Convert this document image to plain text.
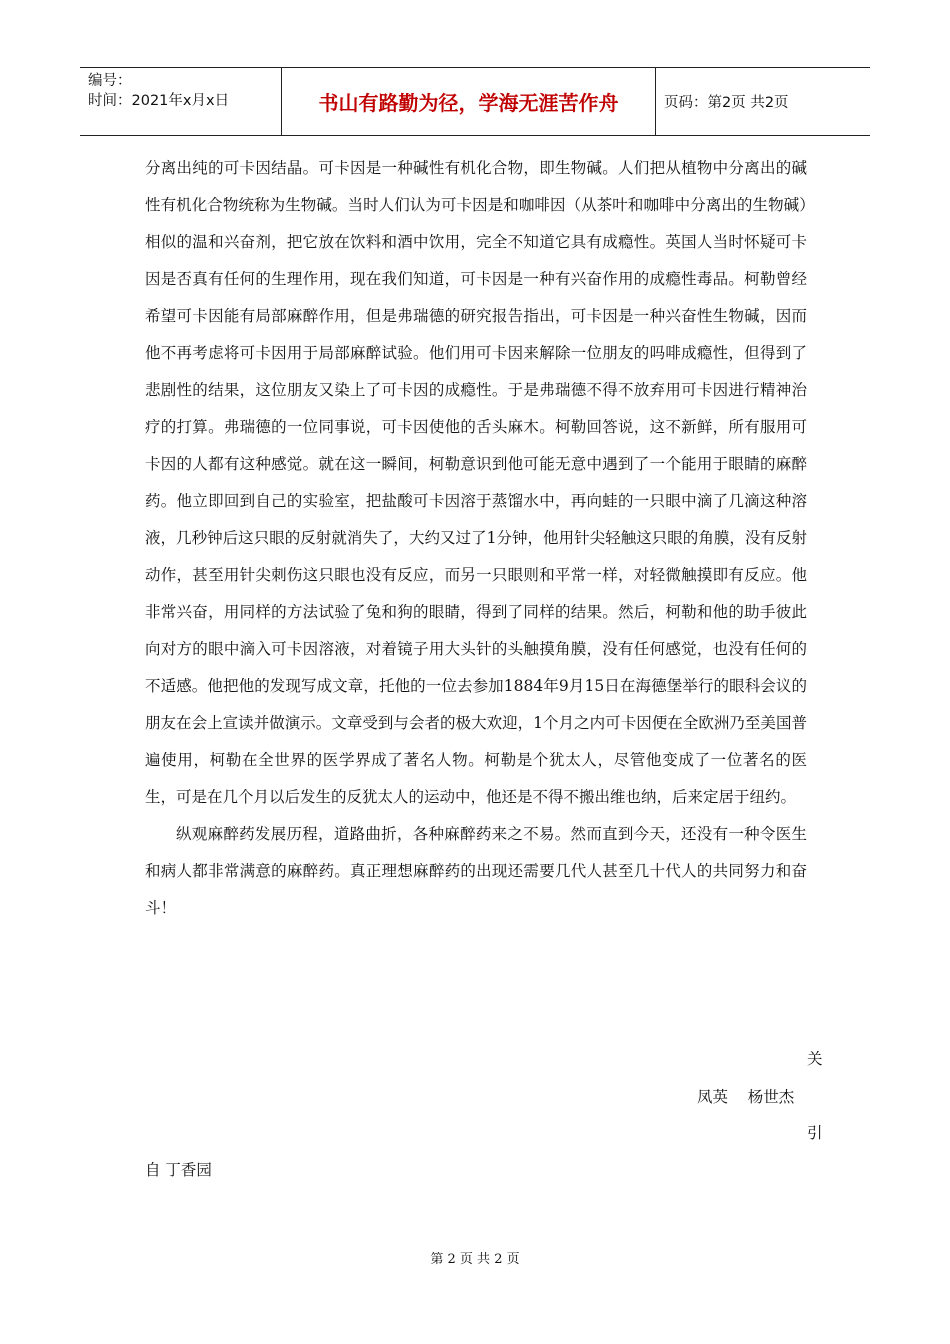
编号：
时间：2021年x月x日	书山有路勤为径，学海无涯苦作舟	页码：第2页 共2页

分离出纯的可卡因结晶。可卡因是一种碱性有机化合物，即生物碱。人们把从植物中分离出的碱性有机化合物统称为生物碱。当时人们认为可卡因是和咖啡因（从茶叶和咖啡中分离出的生物碱）相似的温和兴奋剂，把它放在饮料和酒中饮用，完全不知道它具有成瘾性。英国人当时怀疑可卡因是否真有任何的生理作用，现在我们知道，可卡因是一种有兴奋作用的成瘾性毒品。柯勒曾经希望可卡因能有局部麻醉作用，但是弗瑞德的研究报告指出，可卡因是一种兴奋性生物碱，因而他不再考虑将可卡因用于局部麻醉试验。他们用可卡因来解除一位朋友的吗啡成瘾性，但得到了悲剧性的结果，这位朋友又染上了可卡因的成瘾性。于是弗瑞德不得不放弃用可卡因进行精神治疗的打算。弗瑞德的一位同事说，可卡因使他的舌头麻木。柯勒回答说，这不新鲜，所有服用可卡因的人都有这种感觉。就在这一瞬间，柯勒意识到他可能无意中遇到了一个能用于眼睛的麻醉药。他立即回到自己的实验室，把盐酸可卡因溶于蒸馏水中，再向蛙的一只眼中滴了几滴这种溶液，几秒钟后这只眼的反射就消失了，大约又过了1分钟，他用针尖轻触这只眼的角膜，没有反射动作，甚至用针尖刺伤这只眼也没有反应，而另一只眼则和平常一样，对轻微触摸即有反应。他非常兴奋，用同样的方法试验了兔和狗的眼睛，得到了同样的结果。然后，柯勒和他的助手彼此向对方的眼中滴入可卡因溶液，对着镜子用大头针的头触摸角膜，没有任何感觉，也没有任何的不适感。他把他的发现写成文章，托他的一位去参加1884年9月15日在海德堡举行的眼科会议的朋友在会上宣读并做演示。文章受到与会者的极大欢迎，1个月之内可卡因便在全欧洲乃至美国普遍使用，柯勒在全世界的医学界成了著名人物。柯勒是个犹太人，尽管他变成了一位著名的医生，可是在几个月以后发生的反犹太人的运动中，他还是不得不搬出维也纳，后来定居于纽约。

纵观麻醉药发展历程，道路曲折，各种麻醉药来之不易。然而直到今天，还没有一种令医生和病人都非常满意的麻醉药。真正理想麻醉药的出现还需要几代人甚至几十代人的共同努力和奋斗！

关
凤英    杨世杰
引
自 丁香园
第 2 页 共 2 页
